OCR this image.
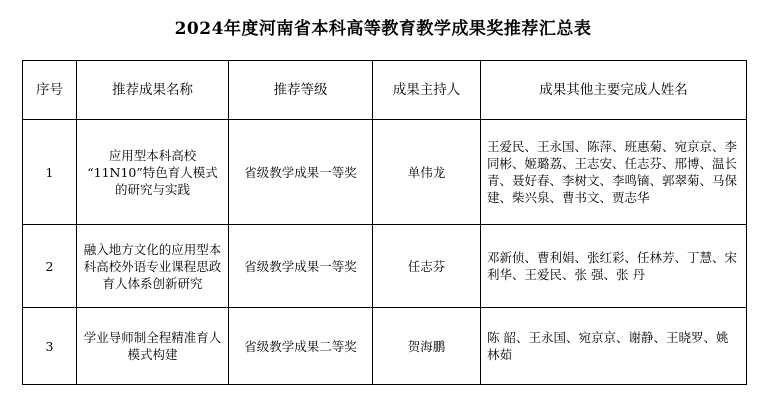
2024年度河南省本科高等教育教学成果奖推荐汇总表
序号	推荐成果名称	推荐等级	成果主持人	成果其他主要完成人姓名
1	应用型本科高校
“11N10”特色育人模式
的研究与实践	省级教学成果一等奖	单伟龙	王爱民、王永国、陈萍、班惠菊、宛京京、李同彬、姬璐荔、王志安、任志芬、邢博、温长青、聂好春、李树文、李鸣镝、郭翠菊、马保建、柴兴泉、曹书文、贾志华
2	融入地方文化的应用型本
科高校外语专业课程思政
育人体系创新研究	省级教学成果一等奖	任志芬	邓新侦、曹利娟、张红彩、任林芳、丁慧、宋利华、王爱民、张 强、张 丹
3	学业导师制全程精准育人
模式构建	省级教学成果二等奖	贺海鹏	陈 韶、王永国、宛京京、谢静、王晓罗、姚林茹
